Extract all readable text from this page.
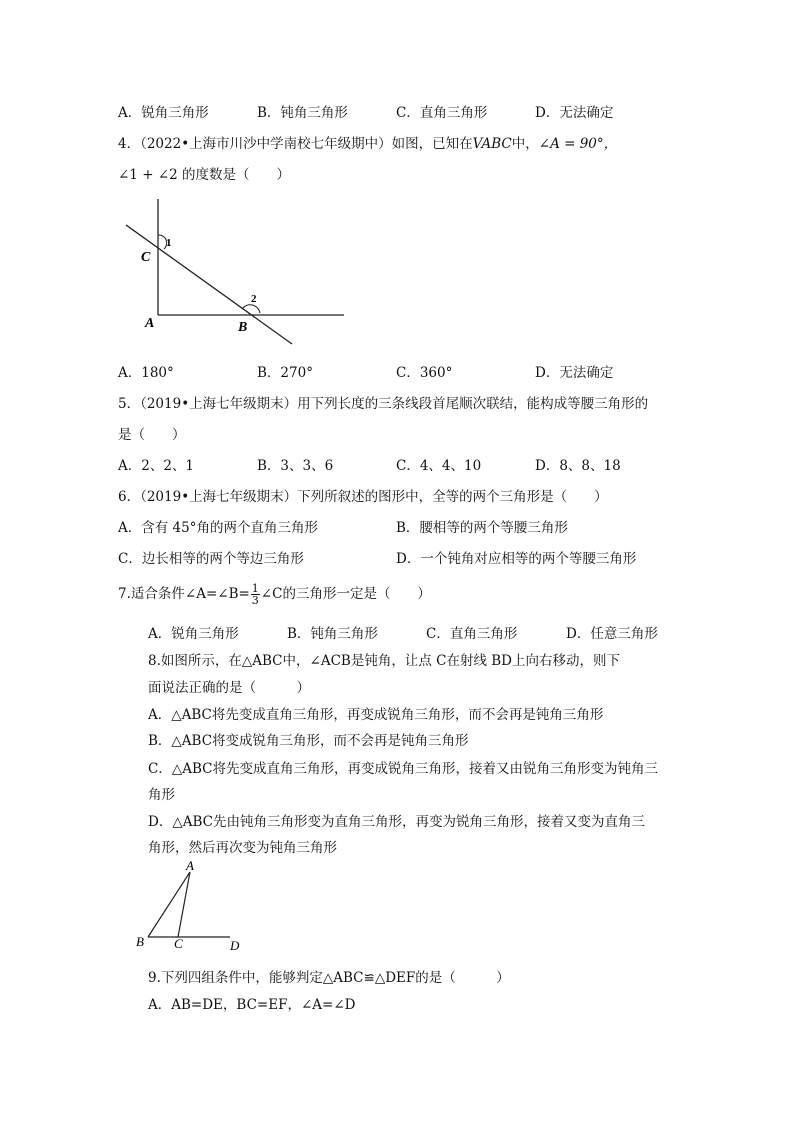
A．锐角三角形	B．钝角三角形	C．直角三角形	D．无法确定
4．（2022•上海市川沙中学南校七年级期中）如图，已知在VABC中，∠A = 90°，
∠1 + ∠2 的度数是（　　）
C
1
A	B
2
A．180°	B．270°	C．360°	D．无法确定
5．（2019•上海七年级期末）用下列长度的三条线段首尾顺次联结，能构成等腰三角形的
是（　　）
A．2、2、1	B．3、3、6	C．4、4、10	D．8、8、18
6．（2019•上海七年级期末）下列所叙述的图形中，全等的两个三角形是（　　）
A．含有 45°角的两个直角三角形	B．腰相等的两个等腰三角形
C．边长相等的两个等边三角形	D．一个钝角对应相等的两个等腰三角形
7.适合条件∠A=∠B= $\frac{1}{3}$ ∠C的三角形一定是（　　）
A．锐角三角形	B．钝角三角形	C．直角三角形	D．任意三角形
8.如图所示，在△ABC中，∠ACB是钝角，让点 C在射线 BD上向右移动，则下
面说法正确的是（　　　）
A．△ABC将先变成直角三角形，再变成锐角三角形，而不会再是钝角三角形
B．△ABC将变成锐角三角形，而不会再是钝角三角形
C．△ABC将先变成直角三角形，再变成锐角三角形，接着又由锐角三角形变为钝角三
角形
D．△ABC先由钝角三角形变为直角三角形，再变为锐角三角形，接着又变为直角三
角形，然后再次变为钝角三角形
A
B C	D
9.下列四组条件中，能够判定△ABC≌△DEF的是（　　　）
A．AB=DE，BC=EF，∠A=∠D
